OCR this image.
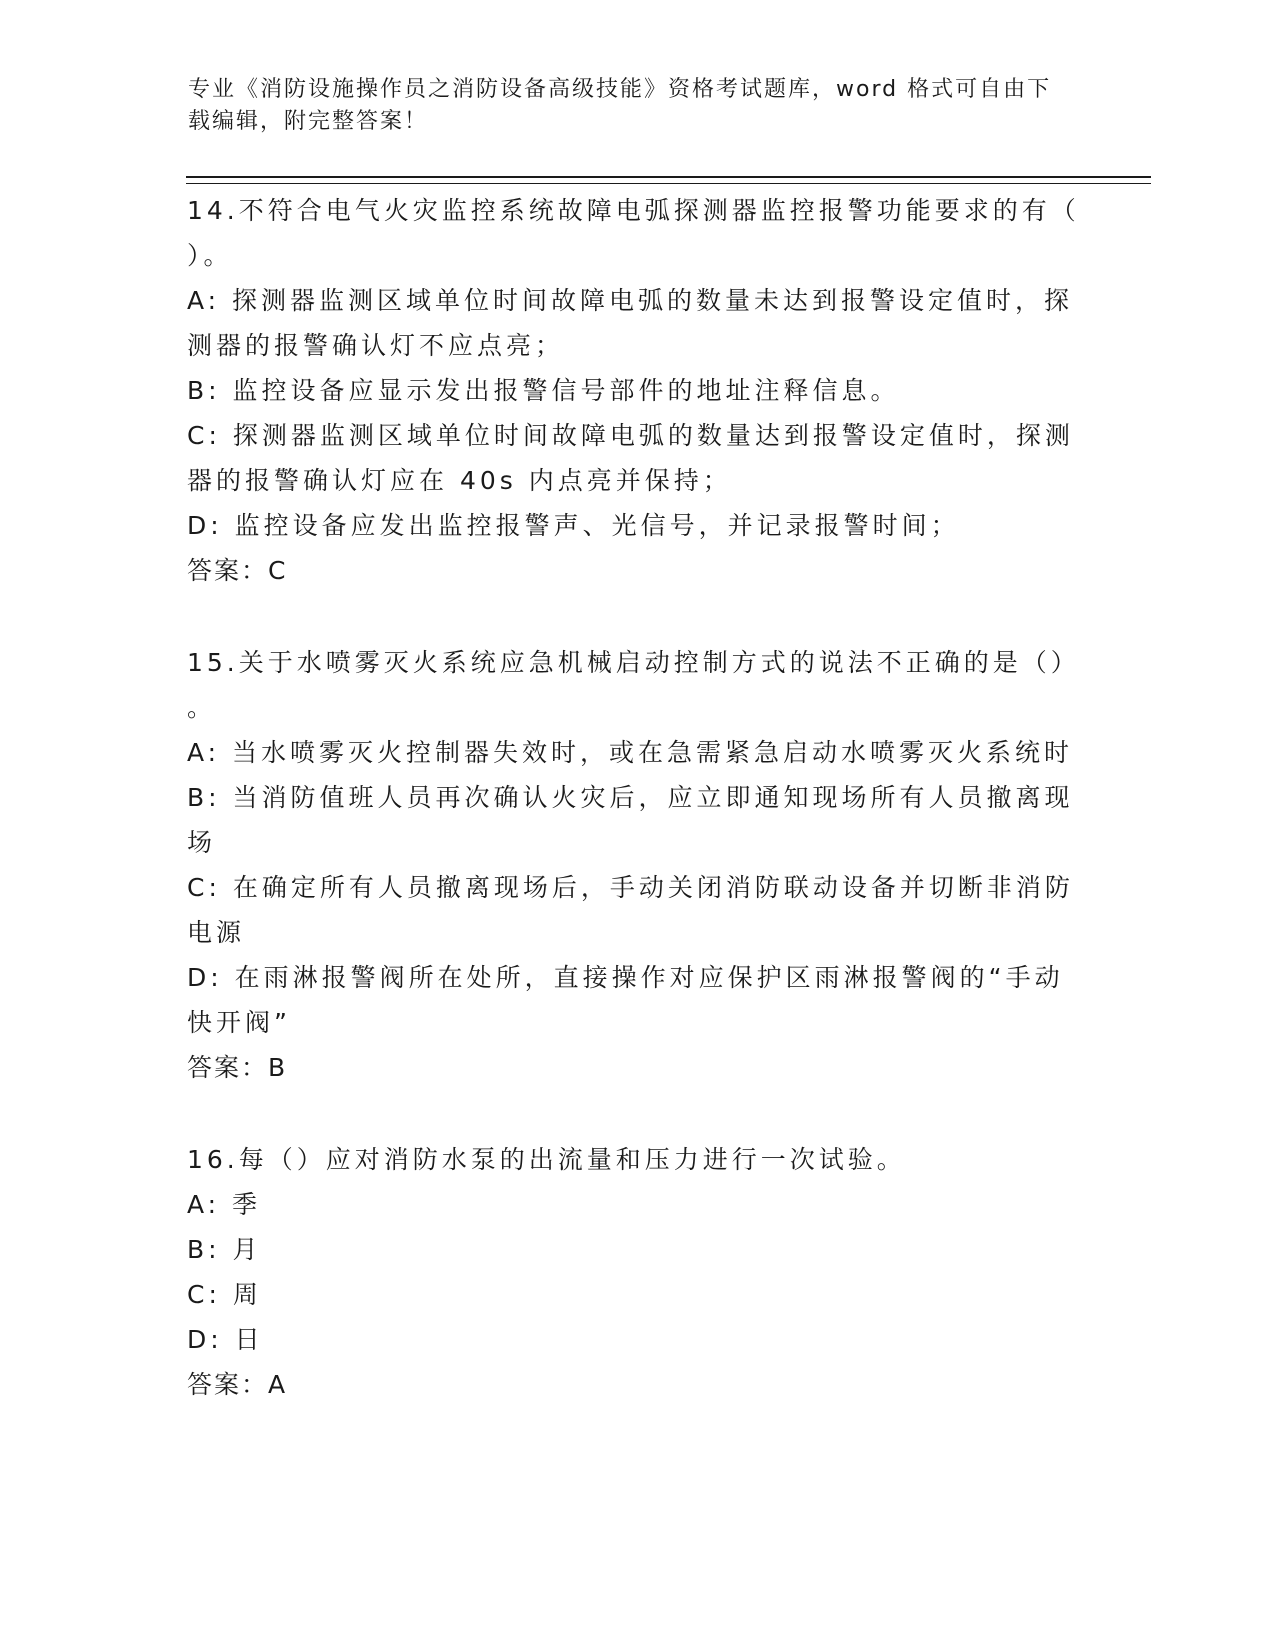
专业《消防设施操作员之消防设备高级技能》资格考试题库，word 格式可自由下
载编辑，附完整答案！

14.不符合电气火灾监控系统故障电弧探测器监控报警功能要求的有（

）。

A: 探测器监测区域单位时间故障电弧的数量未达到报警设定值时，探

测器的报警确认灯不应点亮；

B: 监控设备应显示发出报警信号部件的地址注释信息。

C: 探测器监测区域单位时间故障电弧的数量达到报警设定值时，探测

器的报警确认灯应在 40s 内点亮并保持；

D: 监控设备应发出监控报警声、光信号，并记录报警时间；

答案：C

15.关于水喷雾灭火系统应急机械启动控制方式的说法不正确的是（）

。

A: 当水喷雾灭火控制器失效时，或在急需紧急启动水喷雾灭火系统时

B: 当消防值班人员再次确认火灾后，应立即通知现场所有人员撤离现

场

C: 在确定所有人员撤离现场后，手动关闭消防联动设备并切断非消防

电源

D: 在雨淋报警阀所在处所，直接操作对应保护区雨淋报警阀的“手动

快开阀”

答案：B

16.每（）应对消防水泵的出流量和压力进行一次试验。

A: 季

B: 月

C: 周

D: 日

答案：A
